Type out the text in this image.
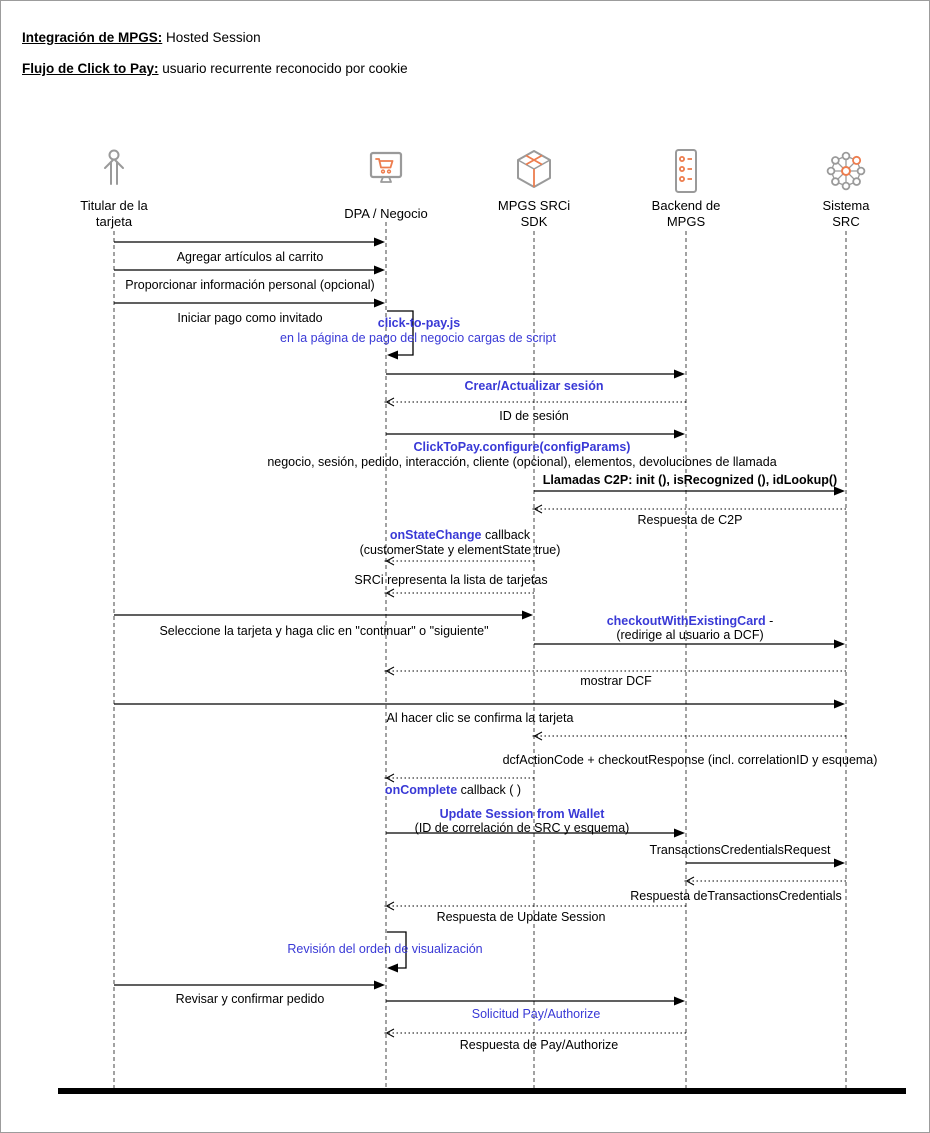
Integración de MPGS: Hosted Session
Flujo de Click to Pay: usuario recurrente reconocido por cookie
Agregar artículos al carrito
Proporcionar información personal (opcional)
Iniciar pago como invitado	click-to-pay.js
en la página de pago del negocio cargas de script
Crear/Actualizar sesión
ID de sesión
ClickToPay.configure(configParams)
negocio, sesión, pedido, interacción, cliente (opcional), elementos, devoluciones de llamada
Llamadas C2P: init (), isRecognized (), idLookup()
Respuesta de C2P
onStateChange callback
(customerState y elementState true)
SRCi representa la lista de tarjetas
Seleccione la tarjeta y haga clic en "continuar" o "siguiente"
checkoutWithExistingCard -
(redirige al usuario a DCF)
mostrar DCF
Al hacer clic se confirma la tarjeta
dcfActionCode + checkoutResponse (incl. correlationID y esquema)
onComplete callback ( )
Update Session from Wallet
(ID de correlación de SRC y esquema)
TransactionsCredentialsRequest
Respuesta deTransactionsCredentials
Respuesta de Update Session
Revisión del orden de visualización
Revisar y confirmar pedido
Solicitud Pay/Authorize
Respuesta de Pay/Authorize
Titular de la
tarjeta
DPA / Negocio
MPGS SRCi
SDK
Backend de
MPGS
Sistema
SRC
